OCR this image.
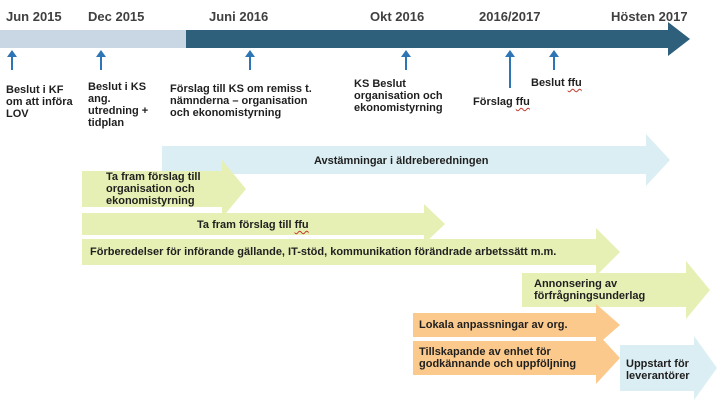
Jun 2015 Dec 2015	Juni 2016	Okt 2016	2016/2017	Hösten 2017
Beslut i KF om att införa LOV
Beslut i KS ang. utredning + tidplan
Förslag till KS om remiss t. nämnderna – organisation och ekonomistyrning
KS Beslut organisation och ekonomistyrning	Förslag ffu
Beslut ffu
Avstämningar i äldreberedningen
Ta fram förslag till organisation och ekonomistyrning
Ta fram förslag till ffu
Förberedelser för införande gällande, IT-stöd, kommunikation förändrade arbetssätt m.m.
Annonsering av förfrågningsunderlag
Lokala anpassningar av org.
Tillskapande av enhet för godkännande och uppföljning	Uppstart för leverantörer
